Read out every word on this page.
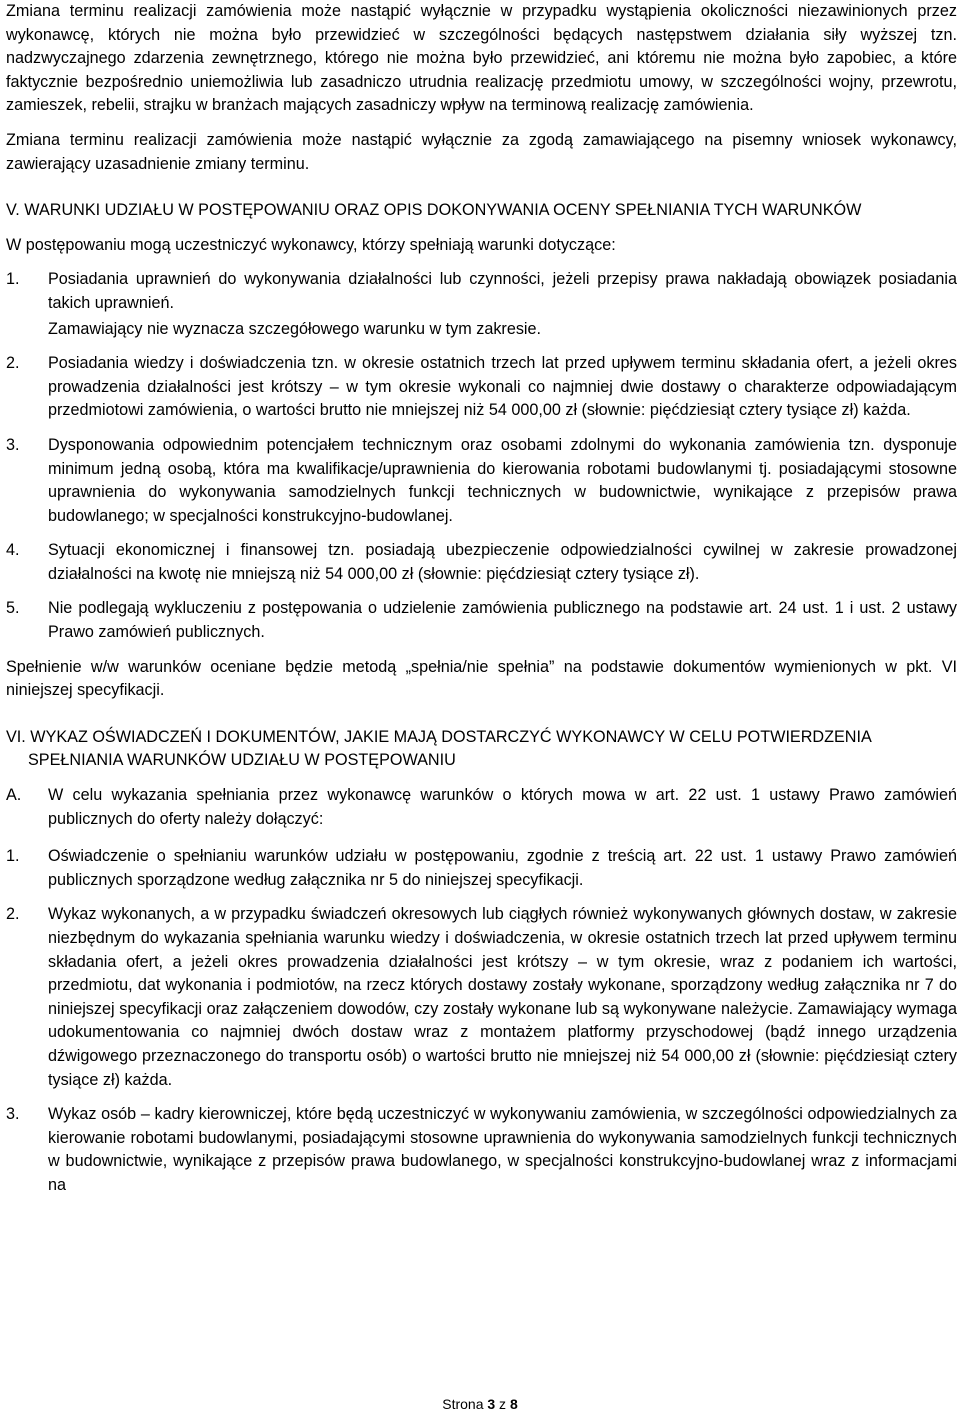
Zmiana terminu realizacji zamówienia może nastąpić wyłącznie w przypadku wystąpienia okoliczności niezawinionych przez wykonawcę, których nie można było przewidzieć w szczególności będących następstwem działania siły wyższej tzn. nadzwyczajnego zdarzenia zewnętrznego, którego nie można było przewidzieć, ani któremu nie można było zapobiec, a które faktycznie bezpośrednio uniemożliwia lub zasadniczo utrudnia realizację przedmiotu umowy, w szczególności wojny, przewrotu, zamieszek, rebelii, strajku w branżach mających zasadniczy wpływ na terminową realizację zamówienia.

Zmiana terminu realizacji zamówienia może nastąpić wyłącznie za zgodą zamawiającego na pisemny wniosek wykonawcy, zawierający uzasadnienie zmiany terminu.

V. WARUNKI UDZIAŁU W POSTĘPOWANIU ORAZ OPIS DOKONYWANIA OCENY SPEŁNIANIA TYCH WARUNKÓW

W postępowaniu mogą uczestniczyć wykonawcy, którzy spełniają warunki dotyczące:

1.	Posiadania uprawnień do wykonywania działalności lub czynności, jeżeli przepisy prawa nakładają obowiązek posiadania takich uprawnień.

Zamawiający nie wyznacza szczegółowego warunku w tym zakresie.

2.	Posiadania wiedzy i doświadczenia tzn. w okresie ostatnich trzech lat przed upływem terminu składania ofert, a jeżeli okres prowadzenia działalności jest krótszy – w tym okresie wykonali co najmniej dwie dostawy o charakterze odpowiadającym przedmiotowi zamówienia, o wartości brutto nie mniejszej niż 54 000,00 zł (słownie: pięćdziesiąt cztery tysiące zł) każda.
3.	Dysponowania odpowiednim potencjałem technicznym oraz osobami zdolnymi do wykonania zamówienia tzn. dysponuje minimum jedną osobą, która ma kwalifikacje/uprawnienia do kierowania robotami budowlanymi tj. posiadającymi stosowne uprawnienia do wykonywania samodzielnych funkcji technicznych w budownictwie, wynikające z przepisów prawa budowlanego; w specjalności konstrukcyjno-budowlanej.
4.	Sytuacji ekonomicznej i finansowej tzn. posiadają ubezpieczenie odpowiedzialności cywilnej w zakresie prowadzonej działalności na kwotę nie mniejszą niż 54 000,00 zł (słownie: pięćdziesiąt cztery tysiące zł).
5.	Nie podlegają wykluczeniu z postępowania o udzielenie zamówienia publicznego na podstawie art. 24 ust. 1 i ust. 2 ustawy Prawo zamówień publicznych.

Spełnienie w/w warunków oceniane będzie metodą „spełnia/nie spełnia” na podstawie dokumentów wymienionych w pkt. VI niniejszej specyfikacji.

VI. WYKAZ OŚWIADCZEŃ I DOKUMENTÓW, JAKIE MAJĄ DOSTARCZYĆ WYKONAWCY W CELU POTWIERDZENIA SPEŁNIANIA WARUNKÓW UDZIAŁU W POSTĘPOWANIU
A.	W celu wykazania spełniania przez wykonawcę warunków o których mowa w art. 22 ust. 1 ustawy Prawo zamówień publicznych do oferty należy dołączyć:
1.	Oświadczenie o spełnianiu warunków udziału w postępowaniu, zgodnie z treścią art. 22 ust. 1 ustawy Prawo zamówień publicznych sporządzone według załącznika nr 5 do niniejszej specyfikacji.
2.	Wykaz wykonanych, a w przypadku świadczeń okresowych lub ciągłych również wykonywanych głównych dostaw, w zakresie niezbędnym do wykazania spełniania warunku wiedzy i doświadczenia, w okresie ostatnich trzech lat przed upływem terminu składania ofert, a jeżeli okres prowadzenia działalności jest krótszy – w tym okresie, wraz z podaniem ich wartości, przedmiotu, dat wykonania i podmiotów, na rzecz których dostawy zostały wykonane, sporządzony według załącznika nr 7 do niniejszej specyfikacji oraz załączeniem dowodów, czy zostały wykonane lub są wykonywane należycie. Zamawiający wymaga udokumentowania co najmniej dwóch dostaw wraz z montażem platformy przyschodowej (bądź innego urządzenia dźwigowego przeznaczonego do transportu osób) o wartości brutto nie mniejszej niż 54 000,00 zł (słownie: pięćdziesiąt cztery tysiące zł) każda.
3.	Wykaz osób – kadry kierowniczej, które będą uczestniczyć w wykonywaniu zamówienia, w szczególności odpowiedzialnych za kierowanie robotami budowlanymi, posiadającymi stosowne uprawnienia do wykonywania samodzielnych funkcji technicznych w budownictwie, wynikające z przepisów prawa budowlanego, w specjalności konstrukcyjno-budowlanej wraz z informacjami na
Strona 3 z 8
